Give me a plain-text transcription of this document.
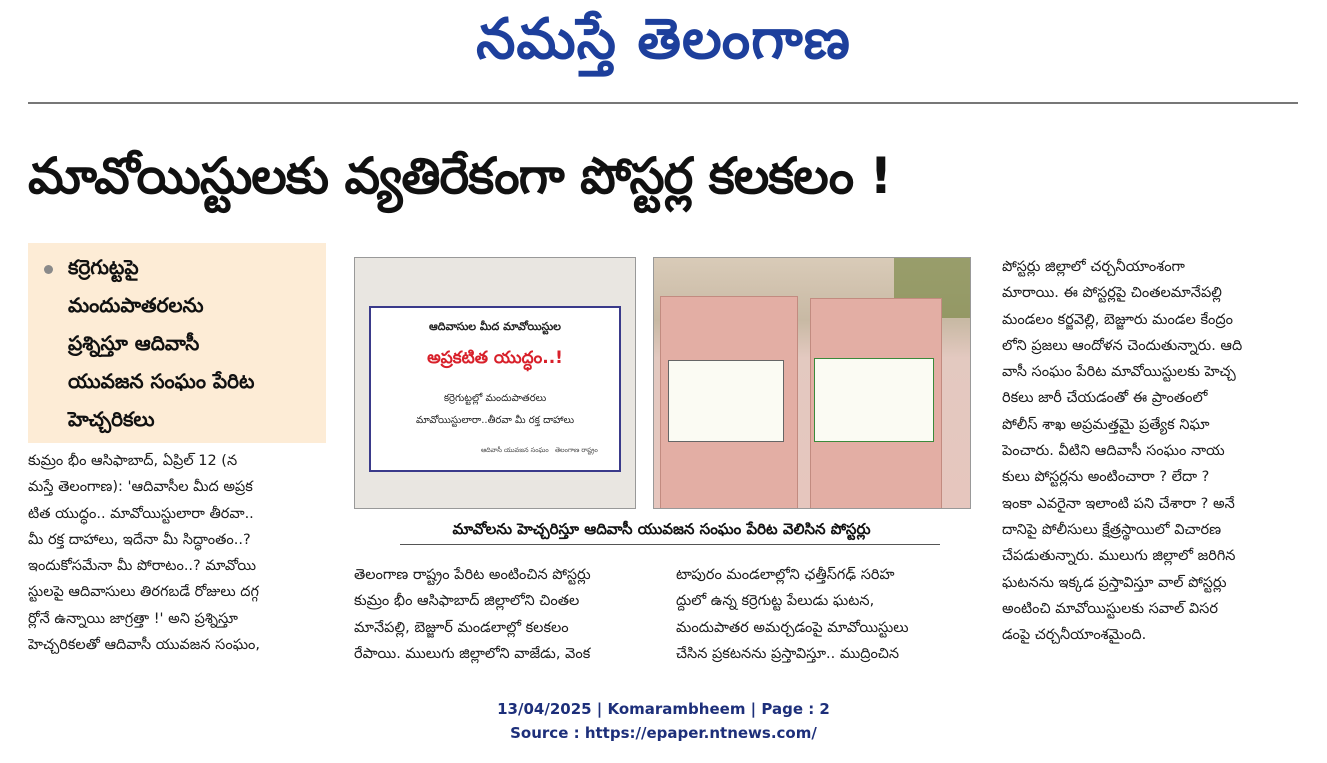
నమస్తే తెలంగాణ
మావోయిస్టులకు వ్యతిరేకంగా పోస్టర్ల కలకలం !
కర్రెగుట్టపై
మందుపాతరలను
ప్రశ్నిస్తూ ఆదివాసీ
యువజన సంఘం పేరిట
హెచ్చరికలు
కుమ్రం భీం ఆసిఫాబాద్, ఏప్రిల్ 12 (న
మస్తే తెలంగాణ): 'ఆదివాసీల మీద అప్రక
టిత యుద్ధం.. మావోయిస్టులారా తీరవా..
మీ రక్త దాహాలు, ఇదేనా మీ సిద్ధాంతం..?
ఇందుకోసమేనా మీ పోరాటం..? మావోయి
స్టులపై ఆదివాసులు తిరగబడే రోజులు దగ్గ
ర్లోనే ఉన్నాయి జాగ్రత్తా !' అని ప్రశ్నిస్తూ
హెచ్చరికలతో ఆదివాసీ యువజన సంఘం,
ఆదివాసుల మీద మావోయిస్టుల
అప్రకటిత యుద్ధం..!
కర్రెగుట్టల్లో మందుపాతరలు
మావోయిస్టులారా..తీరవా మీ రక్త దాహాలు
ఆదివాసీ యువజన సంఘం తెలంగాణ రాష్ట్రం
మావోలను హెచ్చరిస్తూ ఆదివాసీ యువజన సంఘం పేరిట వెలిసిన పోస్టర్లు
తెలంగాణ రాష్ట్రం పేరిట అంటించిన పోస్టర్లు
కుమ్రం భీం ఆసిఫాబాద్ జిల్లాలోని చింతల
మానేపల్లి, బెజ్జూర్ మండలాల్లో కలకలం
రేపాయి. ములుగు జిల్లాలోని వాజేడు, వెంక
టాపురం మండలాల్లోని ఛత్తీస్‌గఢ్ సరిహ
ద్దులో ఉన్న కర్రెగుట్ట పేలుడు ఘటన,
మందుపాతర అమర్చడంపై మావోయిస్టులు
చేసిన ప్రకటనను ప్రస్తావిస్తూ.. ముద్రించిన
పోస్టర్లు జిల్లాలో చర్చనీయాంశంగా
మారాయి. ఈ పోస్టర్లపై చింతలమానేపల్లి
మండలం కర్జవెల్లి, బెజ్జూరు మండల కేంద్రం
లోని ప్రజలు ఆందోళన చెందుతున్నారు. ఆది
వాసీ సంఘం పేరిట మావోయిస్టులకు హెచ్చ
రికలు జారీ చేయడంతో ఈ ప్రాంతంలో
పోలీస్ శాఖ అప్రమత్తమై ప్రత్యేక నిఘా
పెంచారు. వీటిని ఆదివాసీ సంఘం నాయ
కులు పోస్టర్లను అంటించారా ? లేదా ?
ఇంకా ఎవరైనా ఇలాంటి పని చేశారా ? అనే
దానిపై పోలీసులు క్షేత్రస్థాయిలో విచారణ
చేపడుతున్నారు. ములుగు జిల్లాలో జరిగిన
ఘటనను ఇక్కడ ప్రస్తావిస్తూ వాల్ పోస్టర్లు
అంటించి మావోయిస్టులకు సవాల్ విసర
డంపై చర్చనీయాంశమైంది.
13/04/2025 | Komarambheem | Page : 2
Source : https://epaper.ntnews.com/
